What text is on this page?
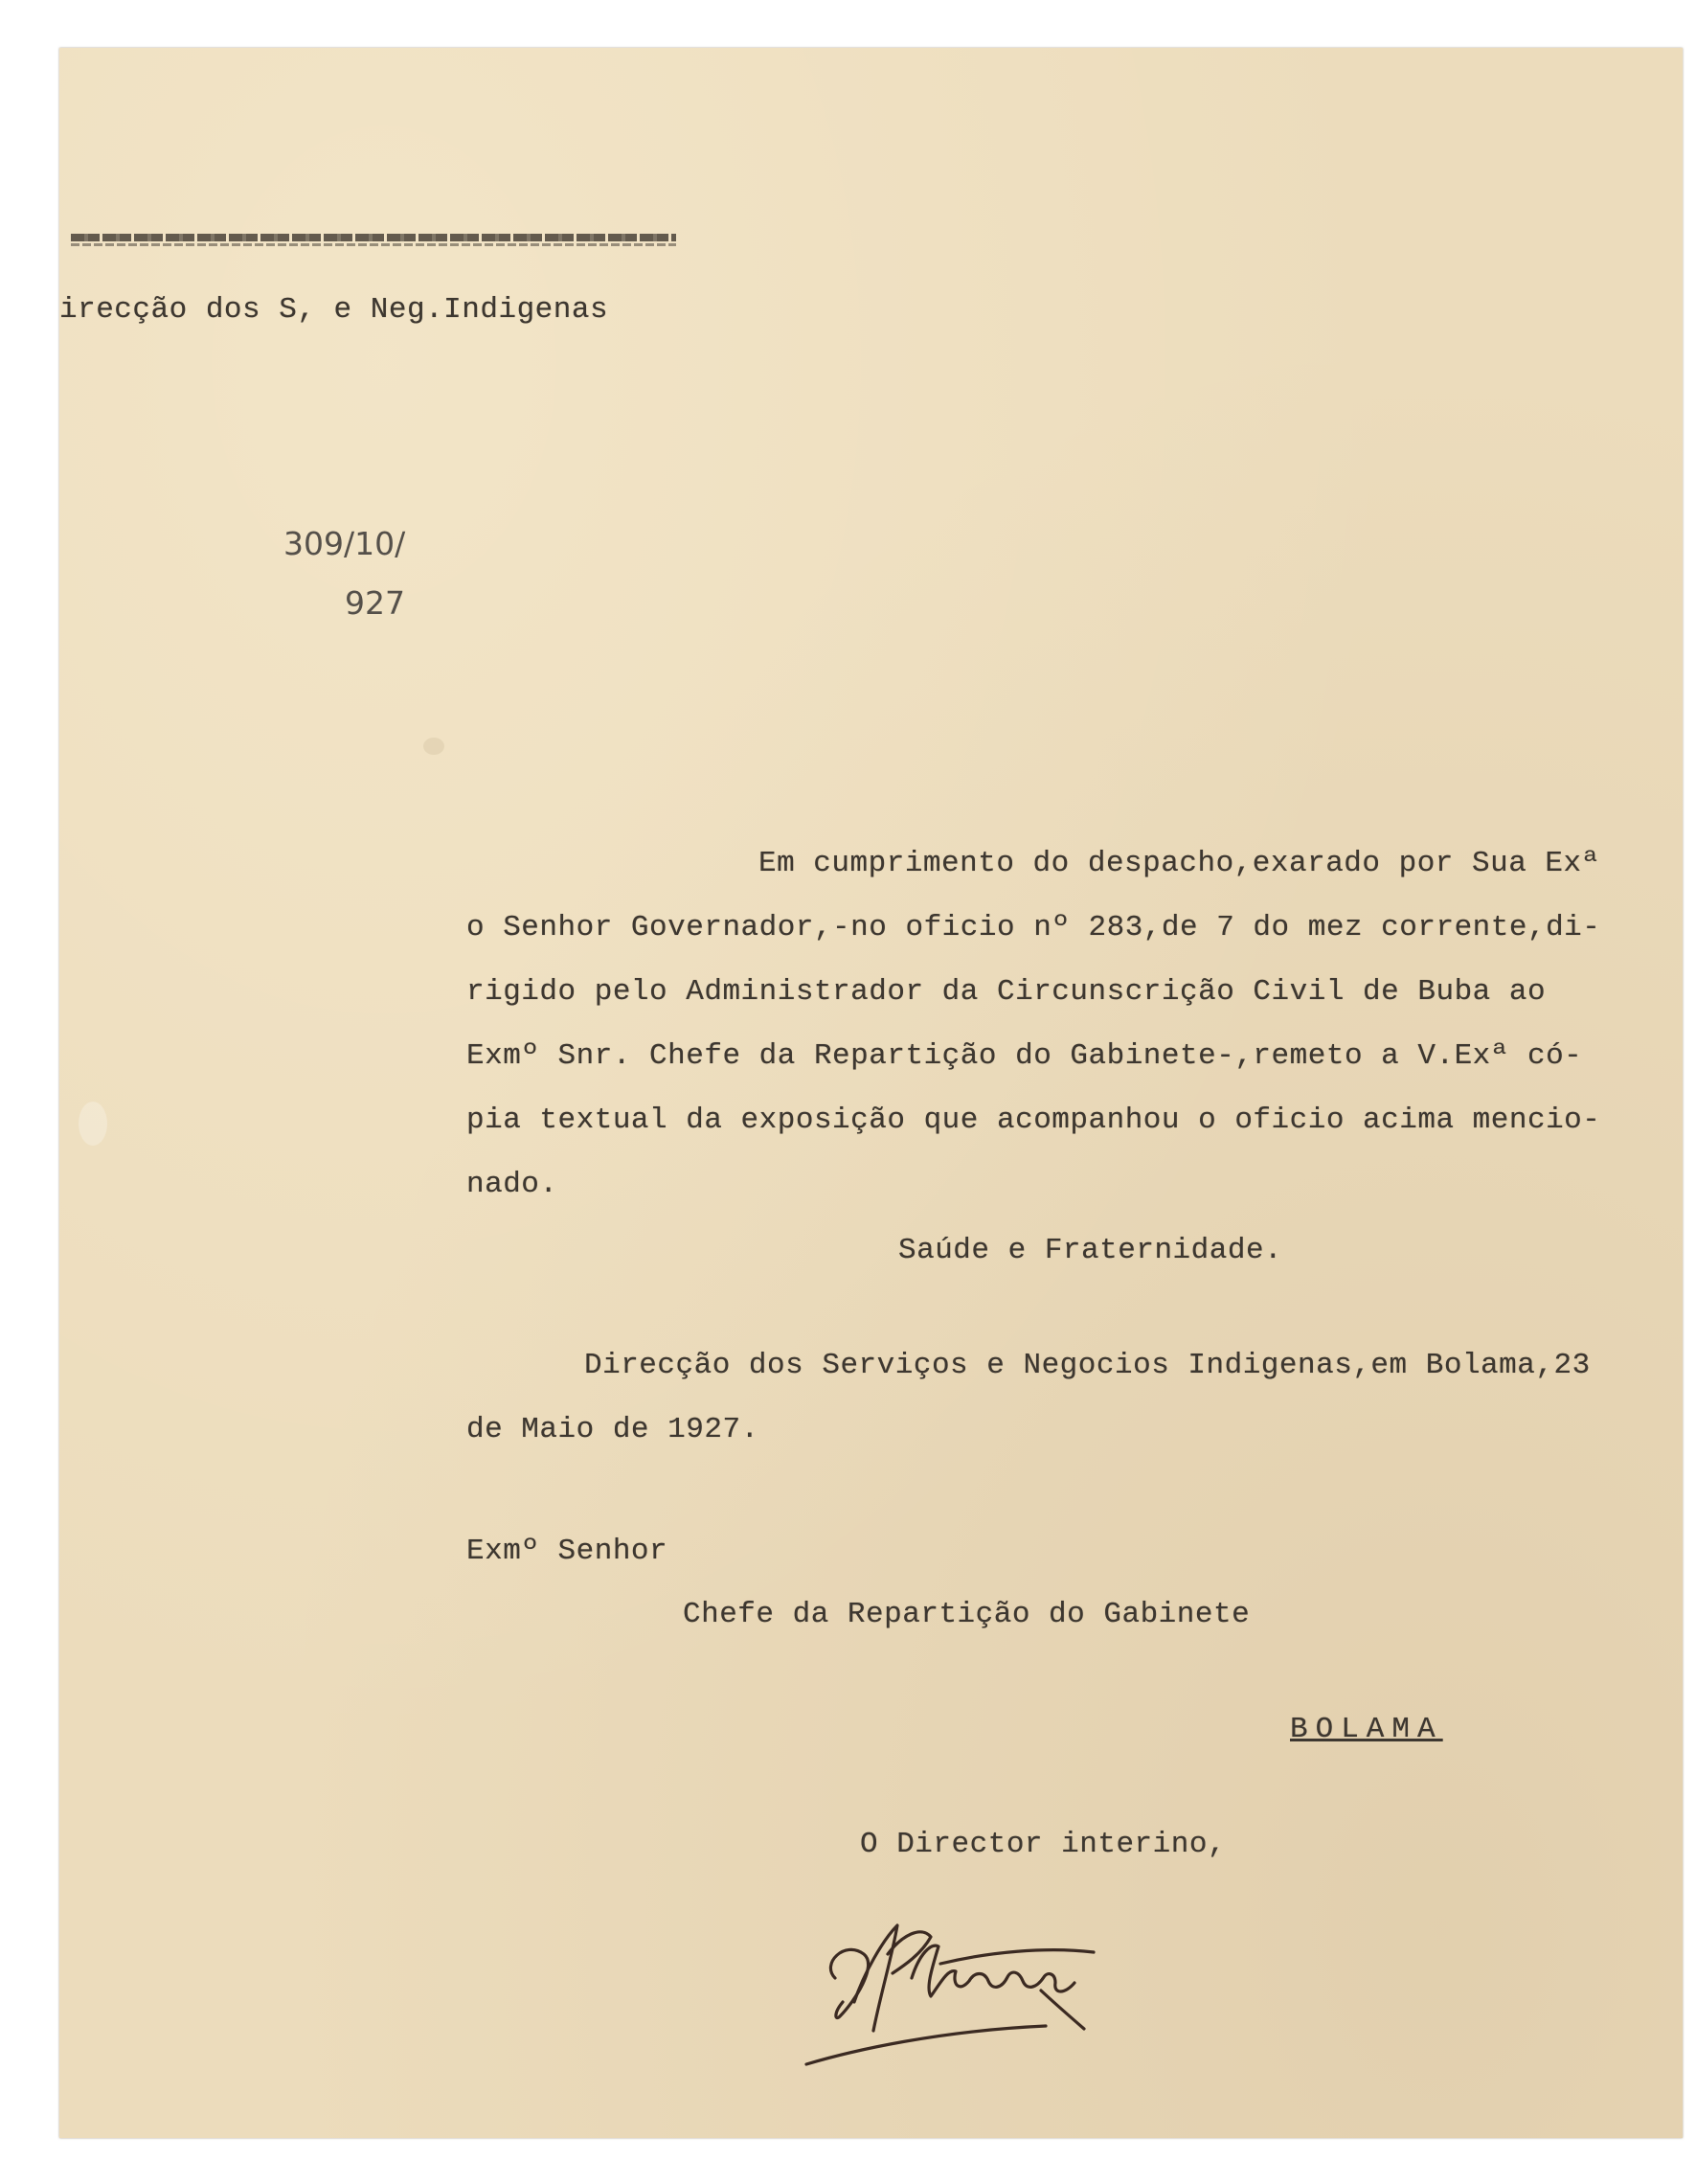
irecção dos S, e Neg.Indigenas
309/10/
927
Em cumprimento do despacho,exarado por Sua Exª
o Senhor Governador,-no oficio nº 283,de 7 do mez corrente,di-
rigido pelo Administrador da Circunscrição Civil de Buba ao
Exmº Snr. Chefe da Repartição do Gabinete-,remeto a V.Exª có-
pia textual da exposição que acompanhou o oficio acima mencio-
nado.
Saúde e Fraternidade.
Direcção dos Serviços e Negocios Indigenas,em Bolama,23
de Maio de 1927.
Exmº Senhor
Chefe da Repartição do Gabinete
BOLAMA
O Director interino,
